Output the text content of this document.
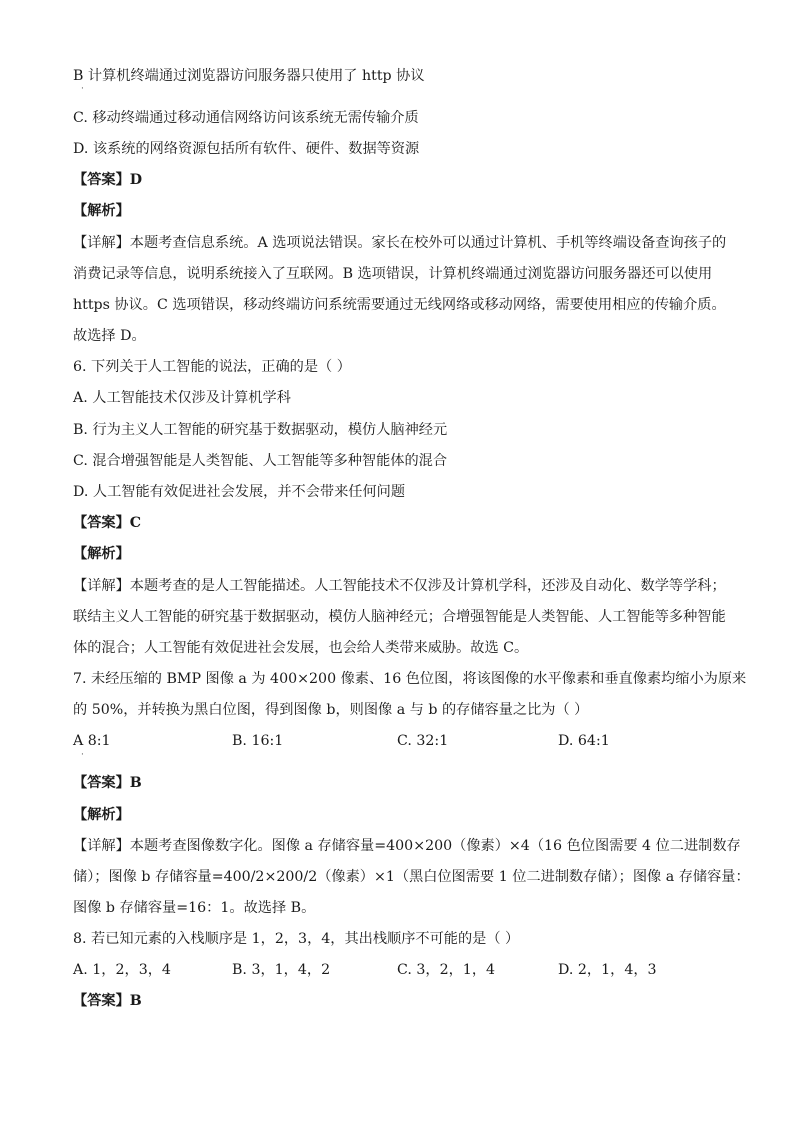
B 计算机终端通过浏览器访问服务器只使用了 http 协议
·
C. 移动终端通过移动通信网络访问该系统无需传输介质
D. 该系统的网络资源包括所有软件、硬件、数据等资源
【答案】D
【解析】
【详解】本题考查信息系统。A 选项说法错误。家长在校外可以通过计算机、手机等终端设备查询孩子的
消费记录等信息，说明系统接入了互联网。B 选项错误，计算机终端通过浏览器访问服务器还可以使用
https 协议。C 选项错误，移动终端访问系统需要通过无线网络或移动网络，需要使用相应的传输介质。
故选择 D。
6. 下列关于人工智能的说法，正确的是（ ）
A. 人工智能技术仅涉及计算机学科
B. 行为主义人工智能的研究基于数据驱动，模仿人脑神经元
C. 混合增强智能是人类智能、人工智能等多种智能体的混合
D. 人工智能有效促进社会发展，并不会带来任何问题
【答案】C
【解析】
【详解】本题考查的是人工智能描述。人工智能技术不仅涉及计算机学科，还涉及自动化、数学等学科；
联结主义人工智能的研究基于数据驱动，模仿人脑神经元；合增强智能是人类智能、人工智能等多种智能
体的混合；人工智能有效促进社会发展，也会给人类带来威胁。故选 C。
7. 未经压缩的 BMP 图像 a 为 400×200 像素、16 色位图，将该图像的水平像素和垂直像素均缩小为原来
的 50%，并转换为黑白位图，得到图像 b，则图像 a 与 b 的存储容量之比为（ ）
A 8:1	B. 16:1	C. 32:1	D. 64:1
·
【答案】B
【解析】
【详解】本题考查图像数字化。图像 a 存储容量=400×200（像素）×4（16 色位图需要 4 位二进制数存
储）；图像 b 存储容量=400/2×200/2（像素）×1（黑白位图需要 1 位二进制数存储）；图像 a 存储容量：
图像 b 存储容量=16：1。故选择 B。
8. 若已知元素的入栈顺序是 1，2，3，4，其出栈顺序不可能的是（ ）
A. 1，2，3，4	B. 3，1，4，2	C. 3，2，1，4	D. 2，1，4，3
【答案】B
